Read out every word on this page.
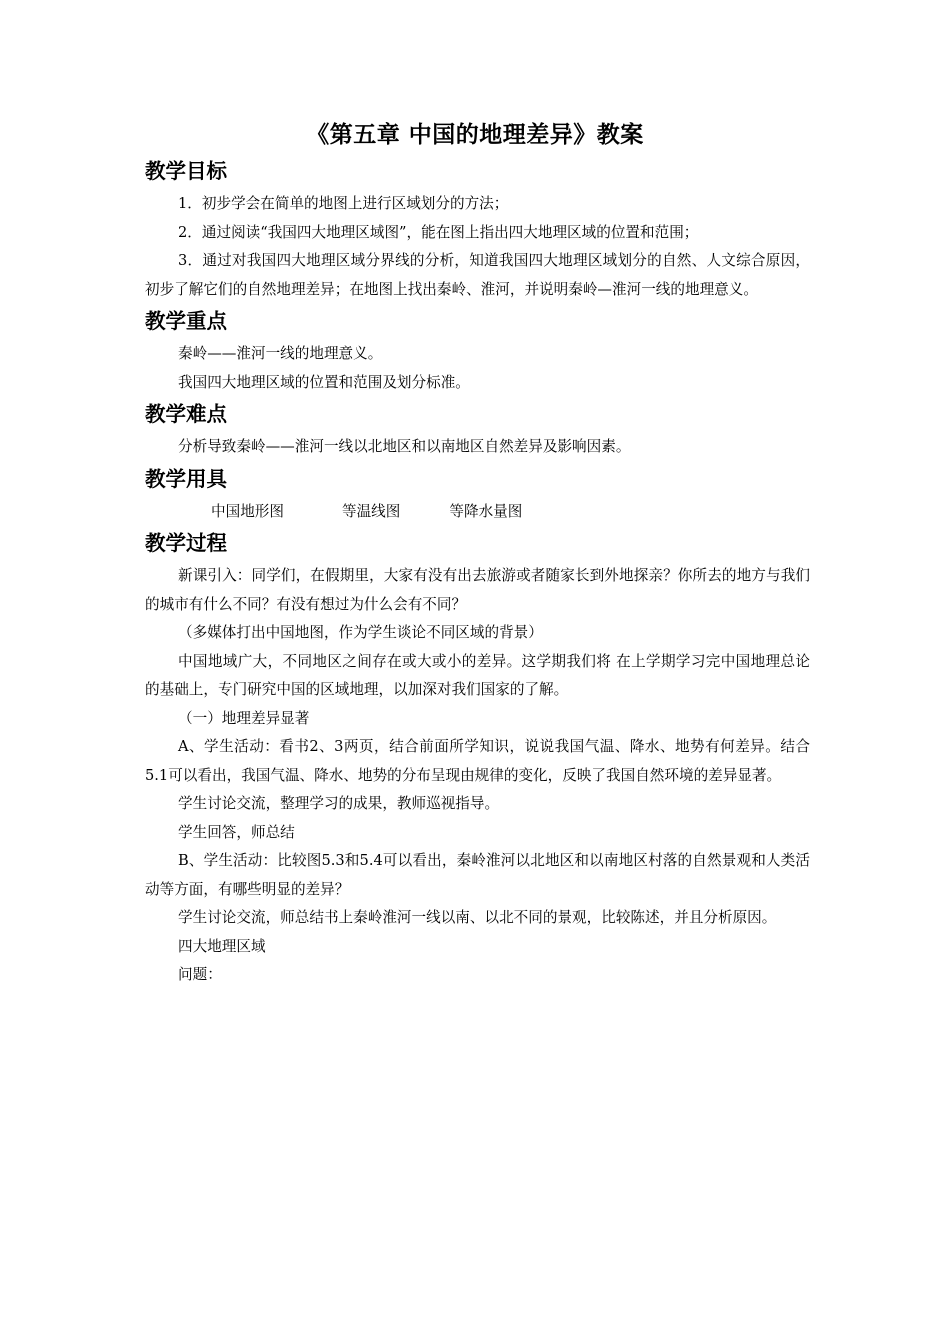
《第五章 中国的地理差异》教案
教学目标

1．初步学会在简单的地图上进行区域划分的方法；

2．通过阅读“我国四大地理区域图”，能在图上指出四大地理区域的位置和范围；

3．通过对我国四大地理区域分界线的分析，知道我国四大地理区域划分的自然、人文综合原因，初步了解它们的自然地理差异；在地图上找出秦岭、淮河，并说明秦岭—淮河一线的地理意义。

教学重点

秦岭——淮河一线的地理意义。

我国四大地理区域的位置和范围及划分标准。

教学难点

分析导致秦岭——淮河一线以北地区和以南地区自然差异及影响因素。

教学用具

中国地形图	等温线图	等降水量图

教学过程

新课引入：同学们，在假期里，大家有没有出去旅游或者随家长到外地探亲？你所去的地方与我们的城市有什么不同？有没有想过为什么会有不同？

（多媒体打出中国地图，作为学生谈论不同区域的背景）

中国地域广大，不同地区之间存在或大或小的差异。这学期我们将 在上学期学习完中国地理总论的基础上，专门研究中国的区域地理，以加深对我们国家的了解。

（一）地理差异显著

A、学生活动：看书2、3两页，结合前面所学知识，说说我国气温、降水、地势有何差异。结合5.1可以看出，我国气温、降水、地势的分布呈现由规律的变化，反映了我国自然环境的差异显著。

学生讨论交流，整理学习的成果，教师巡视指导。

学生回答，师总结

B、学生活动：比较图5.3和5.4可以看出，秦岭淮河以北地区和以南地区村落的自然景观和人类活动等方面，有哪些明显的差异？

学生讨论交流，师总结书上秦岭淮河一线以南、以北不同的景观，比较陈述，并且分析原因。

四大地理区域

问题：
